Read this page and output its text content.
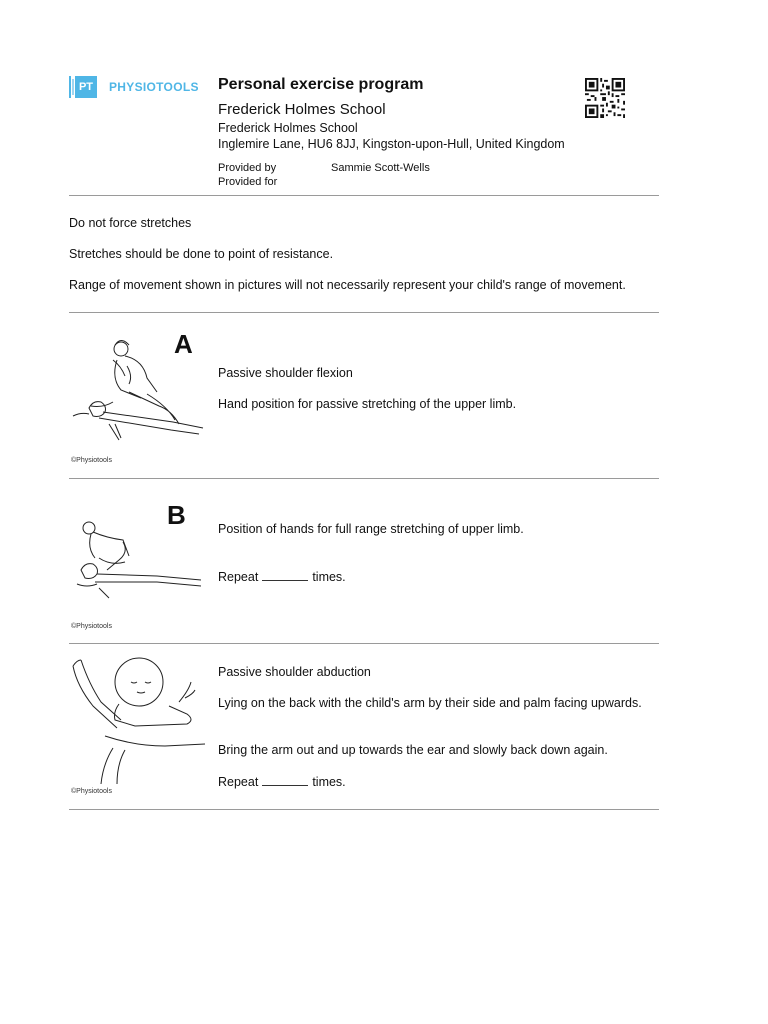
PT	PHYSIOTOOLS Personal exercise program
Frederick Holmes School
Frederick Holmes School
Inglemire Lane, HU6 8JJ, Kingston-upon-Hull, United Kingdom
Provided by	Sammie Scott-Wells
Provided for
Do not force stretches
Stretches should be done to point of resistance.
Range of movement shown in pictures will not necessarily represent your child's range of movement.
A
©Physiotools
Passive shoulder flexion
Hand position for passive stretching of the upper limb.
B
©Physiotools
Position of hands for full range stretching of upper limb.
Repeat	times.
©Physiotools
Passive shoulder abduction
Lying on the back with the child's arm by their side and palm facing upwards.
Bring the arm out and up towards the ear and slowly back down again.
Repeat	times.
